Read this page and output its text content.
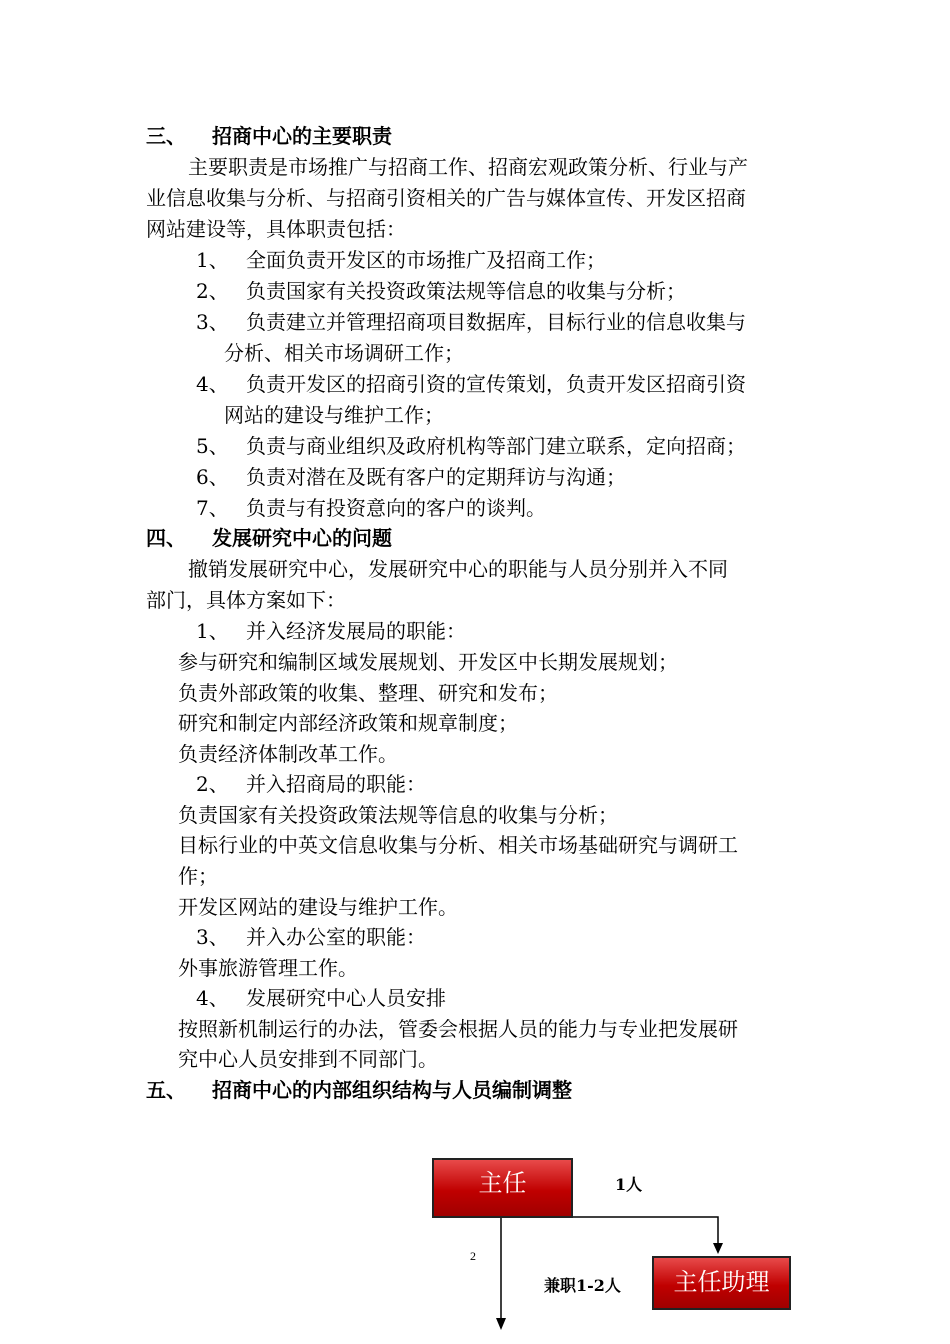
三、 招商中心的主要职责
主要职责是市场推广与招商工作、招商宏观政策分析、行业与产
业信息收集与分析、与招商引资相关的广告与媒体宣传、开发区招商
网站建设等，具体职责包括：
1、 全面负责开发区的市场推广及招商工作；
2、 负责国家有关投资政策法规等信息的收集与分析；
3、 负责建立并管理招商项目数据库，目标行业的信息收集与
分析、相关市场调研工作；
4、 负责开发区的招商引资的宣传策划，负责开发区招商引资
网站的建设与维护工作；
5、 负责与商业组织及政府机构等部门建立联系，定向招商；
6、 负责对潜在及既有客户的定期拜访与沟通；
7、 负责与有投资意向的客户的谈判。
四、 发展研究中心的问题
撤销发展研究中心，发展研究中心的职能与人员分别并入不同
部门，具体方案如下：
1、 并入经济发展局的职能：
参与研究和编制区域发展规划、开发区中长期发展规划；
负责外部政策的收集、整理、研究和发布；
研究和制定内部经济政策和规章制度；
负责经济体制改革工作。
2、 并入招商局的职能：
负责国家有关投资政策法规等信息的收集与分析；
目标行业的中英文信息收集与分析、相关市场基础研究与调研工
作；
开发区网站的建设与维护工作。
3、 并入办公室的职能：
外事旅游管理工作。
4、 发展研究中心人员安排
按照新机制运行的办法，管委会根据人员的能力与专业把发展研
究中心人员安排到不同部门。
五、 招商中心的内部组织结构与人员编制调整
主任	1人
主任助理
兼职1-2人
2
